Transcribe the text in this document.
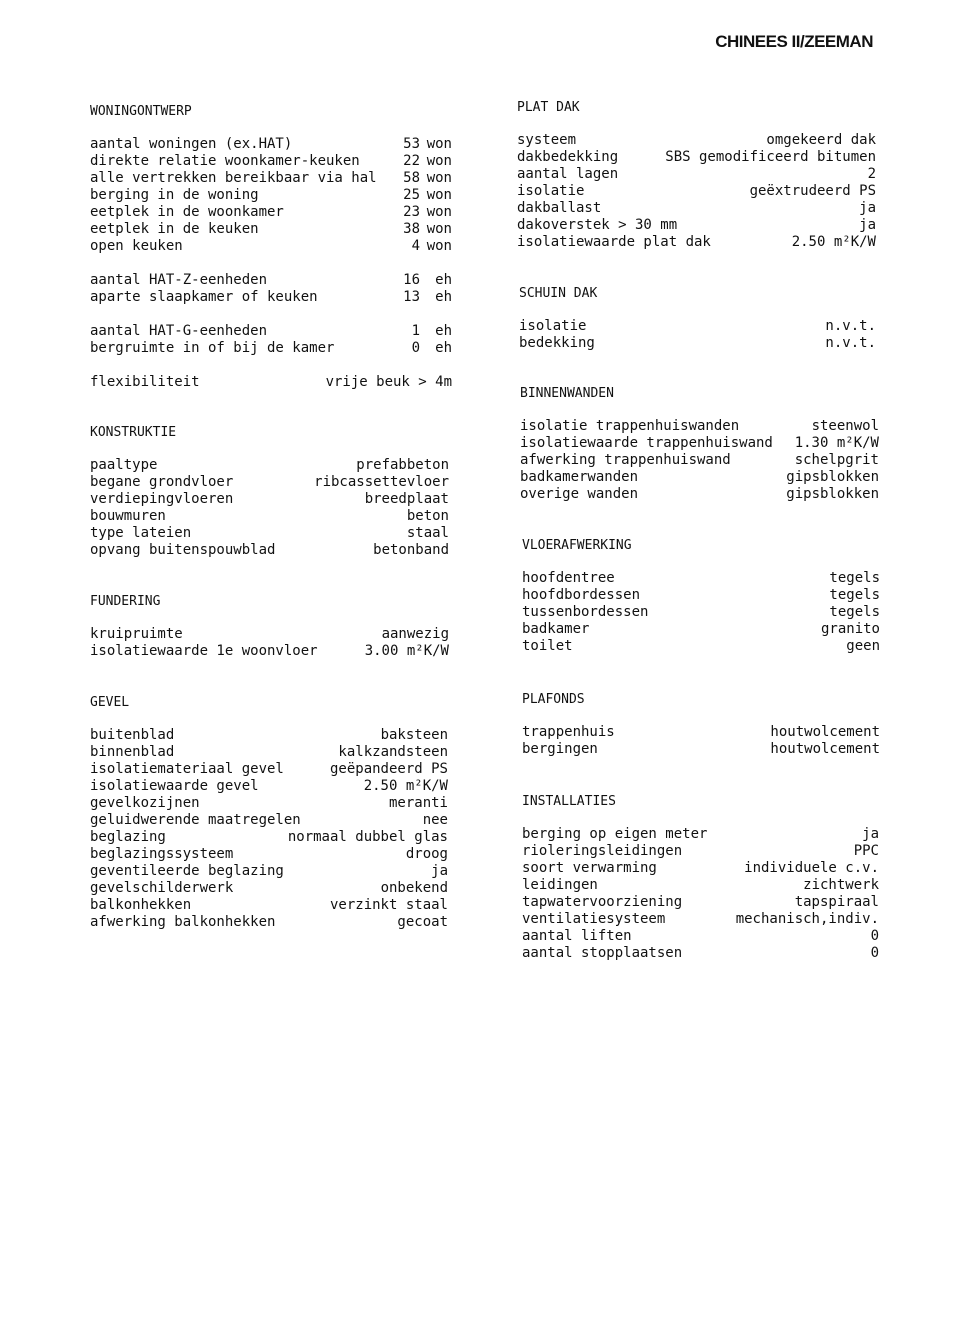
CHINEES II/ZEEMAN
WONINGONTWERP
aantal woningen (ex.HAT)	53 won
direkte relatie woonkamer-keuken	22 won
alle vertrekken bereikbaar via hal	58 won
berging in de woning	25 won
eetplek in de woonkamer	23 won
eetplek in de keuken	38 won
open keuken	4 won
aantal HAT-Z-eenheden	16	eh
aparte slaapkamer of keuken	13	eh
aantal HAT-G-eenheden	1	eh
bergruimte in of bij de kamer	0	eh
flexibiliteit	vrije beuk > 4m
KONSTRUKTIE
paaltype	prefabbeton
begane grondvloer	ribcassettevloer
verdiepingvloeren	breedplaat
bouwmuren	beton
type lateien	staal
opvang buitenspouwblad	betonband
FUNDERING
kruipruimte	aanwezig
isolatiewaarde 1e woonvloer	3.00 m²K/W
GEVEL
buitenblad	baksteen
binnenblad	kalkzandsteen
isolatiemateriaal gevel	geëpandeerd PS
isolatiewaarde gevel	2.50 m²K/W
gevelkozijnen	meranti
geluidwerende maatregelen	nee
beglazing	normaal dubbel glas
beglazingssysteem	droog
geventileerde beglazing	ja
gevelschilderwerk	onbekend
balkonhekken	verzinkt staal
afwerking balkonhekken	gecoat
PLAT DAK
systeem	omgekeerd dak
dakbedekking	SBS gemodificeerd bitumen
aantal lagen	2
isolatie	geëxtrudeerd PS
dakballast	ja
dakoverstek > 30 mm	ja
isolatiewaarde plat dak	2.50 m²K/W
SCHUIN DAK
isolatie	n.v.t.
bedekking	n.v.t.
BINNENWANDEN
isolatie trappenhuiswanden	steenwol
isolatiewaarde trappenhuiswand 1.30 m²K/W
afwerking trappenhuiswand	schelpgrit
badkamerwanden	gipsblokken
overige wanden	gipsblokken
VLOERAFWERKING
hoofdentree	tegels
hoofdbordessen	tegels
tussenbordessen	tegels
badkamer	granito
toilet	geen
PLAFONDS
trappenhuis	houtwolcement
bergingen	houtwolcement
INSTALLATIES
berging op eigen meter	ja
rioleringsleidingen	PPC
soort verwarming	individuele c.v.
leidingen	zichtwerk
tapwatervoorziening	tapspiraal
ventilatiesysteem	mechanisch,indiv.
aantal liften	0
aantal stopplaatsen	0
